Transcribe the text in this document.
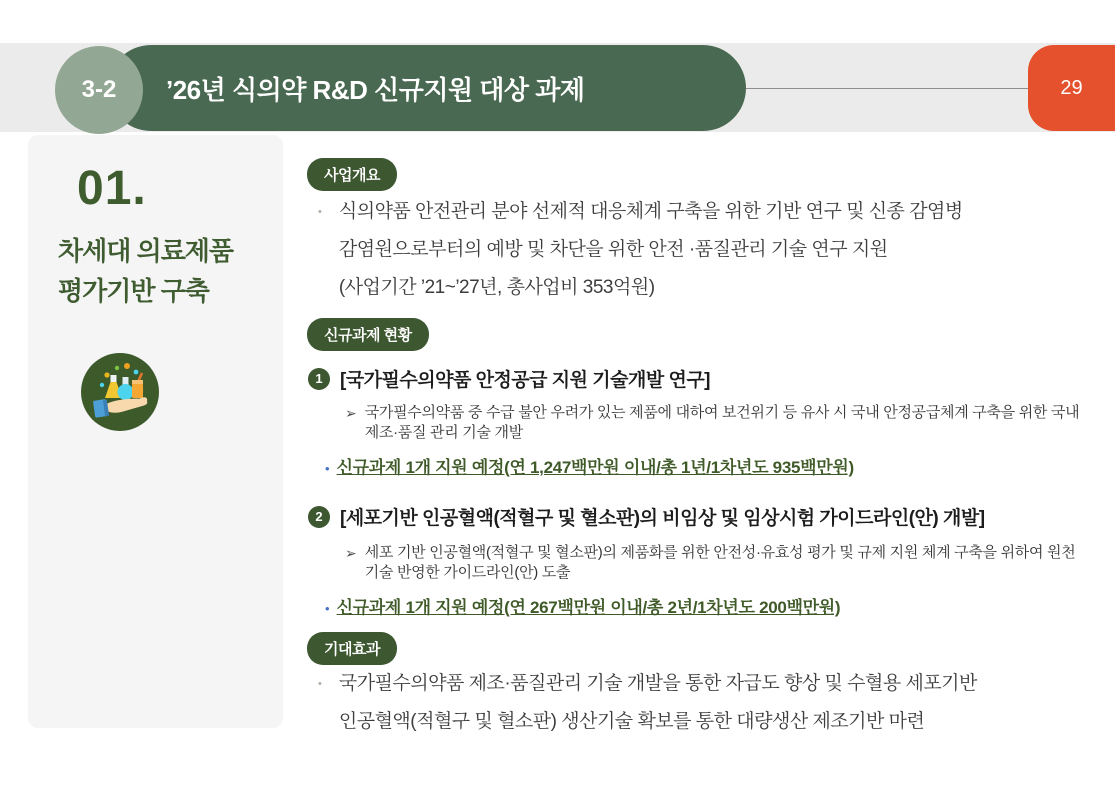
’26년 식의약 R&D 신규지원 대상 과제
3-2	29
01.
차세대 의료제품
평가기반 구축
사업개요
• 식의약품 안전관리 분야 선제적 대응체계 구축을 위한 기반 연구 및 신종 감염병
감염원으로부터의 예방 및 차단을 위한 안전 ·품질관리 기술 연구 지원
(사업기간 ’21~’27년, 총사업비 353억원)
신규과제 현황
1 [국가필수의약품 안정공급 지원 기술개발 연구]
➢ 국가필수의약품 중 수급 불안 우려가 있는 제품에 대하여 보건위기 등 유사 시 국내 안정공급체계 구축을 위한 국내 제조·품질 관리 기술 개발
• 신규과제 1개 지원 예정(연 1,247백만원 이내/총 1년/1차년도 935백만원)
2 [세포기반 인공혈액(적혈구 및 혈소판)의 비임상 및 임상시험 가이드라인(안) 개발]
➢ 세포 기반 인공혈액(적혈구 및 혈소판)의 제품화를 위한 안전성·유효성 평가 및 규제 지원 체계 구축을 위하여 원천기술 반영한 가이드라인(안) 도출
• 신규과제 1개 지원 예정(연 267백만원 이내/총 2년/1차년도 200백만원)
기대효과
• 국가필수의약품 제조·품질관리 기술 개발을 통한 자급도 향상 및 수혈용 세포기반
인공혈액(적혈구 및 혈소판) 생산기술 확보를 통한 대량생산 제조기반 마련
